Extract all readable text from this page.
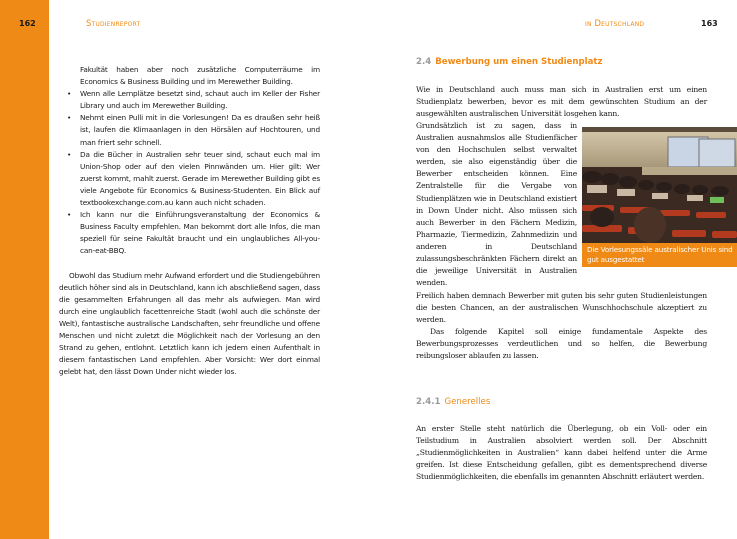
162	Studienreport
Fakultät haben aber noch zusätzliche Computerräume im Economics & Business Building und im Merewether Building.
• Wenn alle Lernplätze besetzt sind, schaut auch im Keller der Fisher Library und auch im Merewether Building.
• Nehmt einen Pulli mit in die Vorlesungen! Da es draußen sehr heiß ist, laufen die Klimaanlagen in den Hörsälen auf Hochtouren, und man friert sehr schnell.
• Da die Bücher in Australien sehr teuer sind, schaut euch mal im Union-Shop oder auf den vielen Pinnwänden um. Hier gilt: Wer zuerst kommt, mahlt zuerst. Gerade im Merewether Building gibt es viele Angebote für Economics & Business-Studenten. Ein Blick auf textbookexchange.com.au kann auch nicht schaden.
• Ich kann nur die Einführungsveranstaltung der Economics & Business Faculty empfehlen. Man bekommt dort alle Infos, die man speziell für seine Fakultät braucht und ein unglaubliches All-you-can-eat-BBQ.

Obwohl das Studium mehr Aufwand erfordert und die Studiengebühren deutlich höher sind als in Deutschland, kann ich abschließend sagen, dass die gesammelten Erfahrungen all das mehr als aufwiegen. Man wird durch eine unglaublich facettenreiche Stadt (wohl auch die schönste der Welt), fantastische australische Landschaften, sehr freundliche und offene Menschen und nicht zuletzt die Möglichkeit nach der Vorlesung an den Strand zu gehen, entlohnt. Letztlich kann ich jedem einen Aufenthalt in diesem fantastischen Land empfehlen. Aber Vorsicht: Wer dort einmal gelebt hat, den lässt Down Under nicht wieder los.

in Deutschland	163
2.4 Bewerbung um einen Studienplatz

Wie in Deutschland auch muss man sich in Australien erst um einen Studienplatz bewerben, bevor es mit dem gewünschten Studium an der ausgewählten australischen Universität losgehen kann.

Grundsätzlich ist zu sagen, dass in Australien ausnahmslos alle Studienfächer von den Hochschulen selbst verwaltet werden, sie also eigenständig über die Bewerber entscheiden können. Eine Zentralstelle für die Vergabe von Studienplätzen wie in Deutschland existiert in Down Under nicht. Also müssen sich auch Bewerber in den Fächern Medizin, Pharmazie, Tiermedizin, Zahnmedizin und anderen in Deutschland zulassungsbeschränkten Fächern direkt an die jeweilige Universität in Australien wenden.

Freilich haben demnach Bewerber mit guten bis sehr guten Studienleistungen die besten Chancen, an der australischen Wunschhochschule akzeptiert zu werden.

Das folgende Kapitel soll einige fundamentale Aspekte des Bewerbungsprozesses verdeutlichen und so helfen, die Bewerbung reibungsloser ablaufen zu lassen.

2.4.1 Generelles

An erster Stelle steht natürlich die Überlegung, ob ein Voll- oder ein Teilstudium in Australien absolviert werden soll. Der Abschnitt „Studienmöglichkeiten in Australien“ kann dabei helfend unter die Arme greifen. Ist diese Entscheidung gefallen, gibt es dementsprechend diverse Studienmöglichkeiten, die ebenfalls im genannten Abschnitt erläutert werden.

Die Vorlesungssäle australischer Unis sind gut ausgestattet
